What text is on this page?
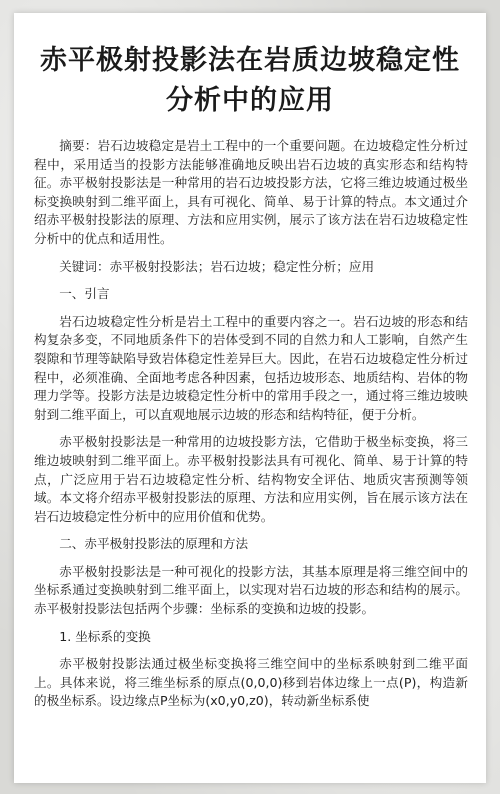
赤平极射投影法在岩质边坡稳定性分析中的应用

摘要：岩石边坡稳定是岩土工程中的一个重要问题。在边坡稳定性分析过程中，采用适当的投影方法能够准确地反映出岩石边坡的真实形态和结构特征。赤平极射投影法是一种常用的岩石边坡投影方法，它将三维边坡通过极坐标变换映射到二维平面上，具有可视化、简单、易于计算的特点。本文通过介绍赤平极射投影法的原理、方法和应用实例，展示了该方法在岩石边坡稳定性分析中的优点和适用性。

关键词：赤平极射投影法；岩石边坡；稳定性分析；应用

一、引言

岩石边坡稳定性分析是岩土工程中的重要内容之一。岩石边坡的形态和结构复杂多变，不同地质条件下的岩体受到不同的自然力和人工影响，自然产生裂隙和节理等缺陷导致岩体稳定性差异巨大。因此，在岩石边坡稳定性分析过程中，必须准确、全面地考虑各种因素，包括边坡形态、地质结构、岩体的物理力学等。投影方法是边坡稳定性分析中的常用手段之一，通过将三维边坡映射到二维平面上，可以直观地展示边坡的形态和结构特征，便于分析。

赤平极射投影法是一种常用的边坡投影方法，它借助于极坐标变换，将三维边坡映射到二维平面上。赤平极射投影法具有可视化、简单、易于计算的特点，广泛应用于岩石边坡稳定性分析、结构物安全评估、地质灾害预测等领域。本文将介绍赤平极射投影法的原理、方法和应用实例，旨在展示该方法在岩石边坡稳定性分析中的应用价值和优势。

二、赤平极射投影法的原理和方法

赤平极射投影法是一种可视化的投影方法，其基本原理是将三维空间中的坐标系通过变换映射到二维平面上，以实现对岩石边坡的形态和结构的展示。赤平极射投影法包括两个步骤：坐标系的变换和边坡的投影。

1. 坐标系的变换

赤平极射投影法通过极坐标变换将三维空间中的坐标系映射到二维平面上。具体来说，将三维坐标系的原点(0,0,0)移到岩体边缘上一点(P)，构造新的极坐标系。设边缘点P坐标为(x0,y0,z0)，转动新坐标系使
